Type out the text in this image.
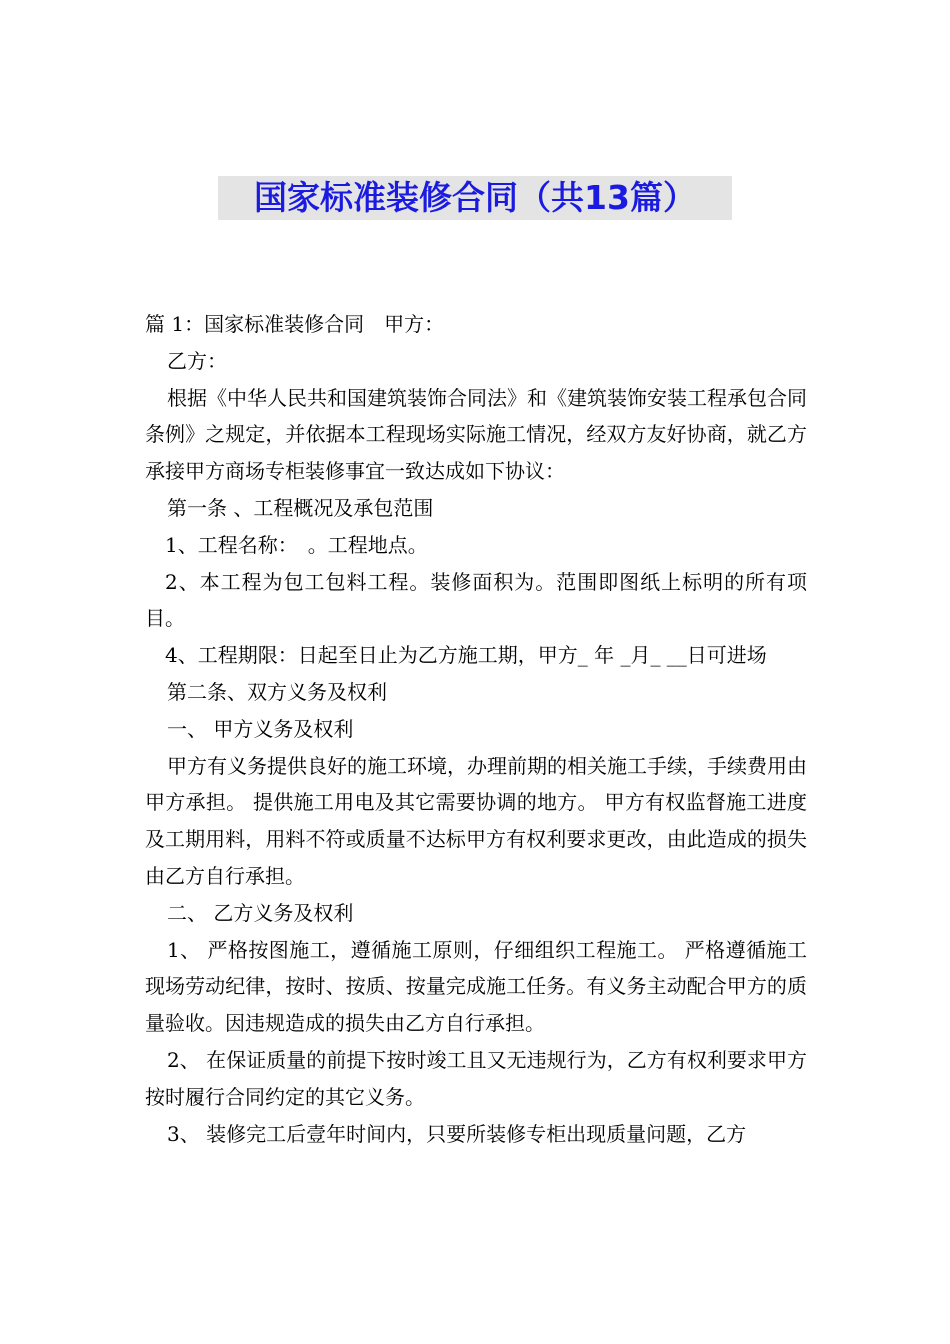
国家标准装修合同（共13篇）

篇 1：国家标准装修合同　甲方：

乙方：

根据《中华人民共和国建筑装饰合同法》和《建筑装饰安装工程承包合同条例》之规定，并依据本工程现场实际施工情况，经双方友好协商，就乙方承接甲方商场专柜装修事宜一致达成如下协议：

第一条 、工程概况及承包范围

1、工程名称：　。工程地点。

2、本工程为包工包料工程。装修面积为。范围即图纸上标明的所有项目。

4、工程期限：日起至日止为乙方施工期，甲方_ 年 _月_ __日可进场

第二条、双方义务及权利

一、 甲方义务及权利

甲方有义务提供良好的施工环境，办理前期的相关施工手续，手续费用由甲方承担。 提供施工用电及其它需要协调的地方。 甲方有权监督施工进度及工期用料，用料不符或质量不达标甲方有权利要求更改，由此造成的损失由乙方自行承担。

二、 乙方义务及权利

1、 严格按图施工，遵循施工原则，仔细组织工程施工。 严格遵循施工现场劳动纪律，按时、按质、按量完成施工任务。有义务主动配合甲方的质量验收。因违规造成的损失由乙方自行承担。

2、 在保证质量的前提下按时竣工且又无违规行为，乙方有权利要求甲方按时履行合同约定的其它义务。

3、 装修完工后壹年时间内，只要所装修专柜出现质量问题，乙方
